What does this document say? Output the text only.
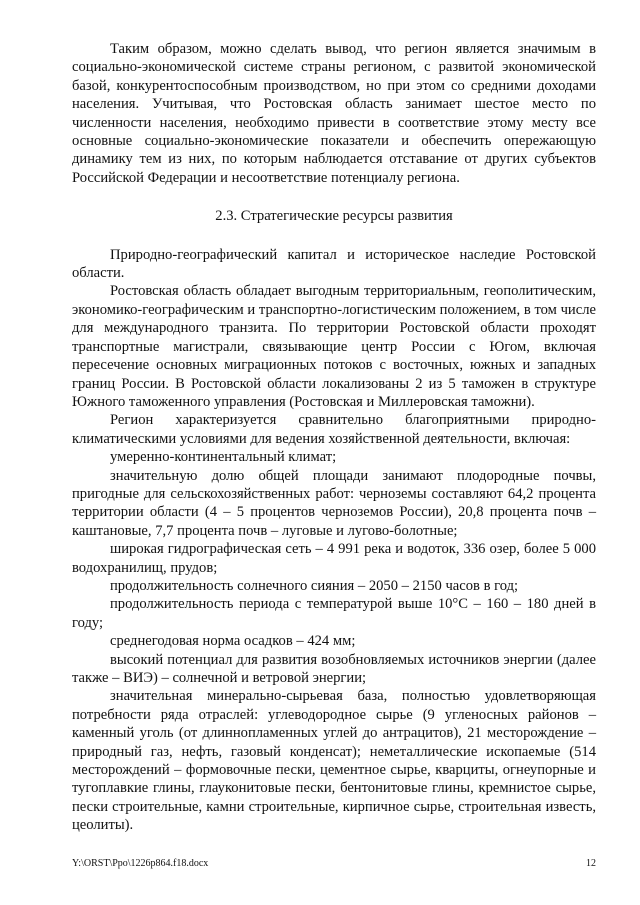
Таким образом, можно сделать вывод, что регион является значимым в социально-экономической системе страны регионом, с развитой экономической базой, конкурентоспособным производством, но при этом со средними доходами населения. Учитывая, что Ростовская область занимает шестое место по численности населения, необходимо привести в соответствие этому месту все основные социально-экономические показатели и обеспечить опережающую динамику тем из них, по которым наблюдается отставание от других субъектов Российской Федерации и несоответствие потенциалу региона.

2.3. Стратегические ресурсы развития

Природно-географический капитал и историческое наследие Ростовской области.

Ростовская область обладает выгодным территориальным, геополитическим, экономико-географическим и транспортно-логистическим положением, в том числе для международного транзита. По территории Ростовской области проходят транспортные магистрали, связывающие центр России с Югом, включая пересечение основных миграционных потоков с восточных, южных и западных границ России. В Ростовской области локализованы 2 из 5 таможен в структуре Южного таможенного управления (Ростовская и Миллеровская таможни).

Регион характеризуется сравнительно благоприятными природно-климатическими условиями для ведения хозяйственной деятельности, включая:

умеренно-континентальный климат;

значительную долю общей площади занимают плодородные почвы, пригодные для сельскохозяйственных работ: черноземы составляют 64,2 процента территории области (4 – 5 процентов черноземов России), 20,8 процента почв – каштановые, 7,7 процента почв – луговые и лугово-болотные;

широкая гидрографическая сеть – 4 991 река и водоток, 336 озер, более 5 000 водохранилищ, прудов;

продолжительность солнечного сияния – 2050 – 2150 часов в год;

продолжительность периода с температурой выше 10°С – 160 – 180 дней в году;

среднегодовая норма осадков – 424 мм;

высокий потенциал для развития возобновляемых источников энергии (далее также – ВИЭ) – солнечной и ветровой энергии;

значительная минерально-сырьевая база, полностью удовлетворяющая потребности ряда отраслей: углеводородное сырье (9 угленосных районов – каменный уголь (от длиннопламенных углей до антрацитов), 21 месторождение – природный газ, нефть, газовый конденсат); неметаллические ископаемые (514 месторождений – формовочные пески, цементное сырье, кварциты, огнеупорные и тугоплавкие глины, глауконитовые пески, бентонитовые глины, кремнистое сырье, пески строительные, камни строительные, кирпичное сырье, строительная известь, цеолиты).

Y:\ORST\Ppo\1226p864.f18.docx	12
